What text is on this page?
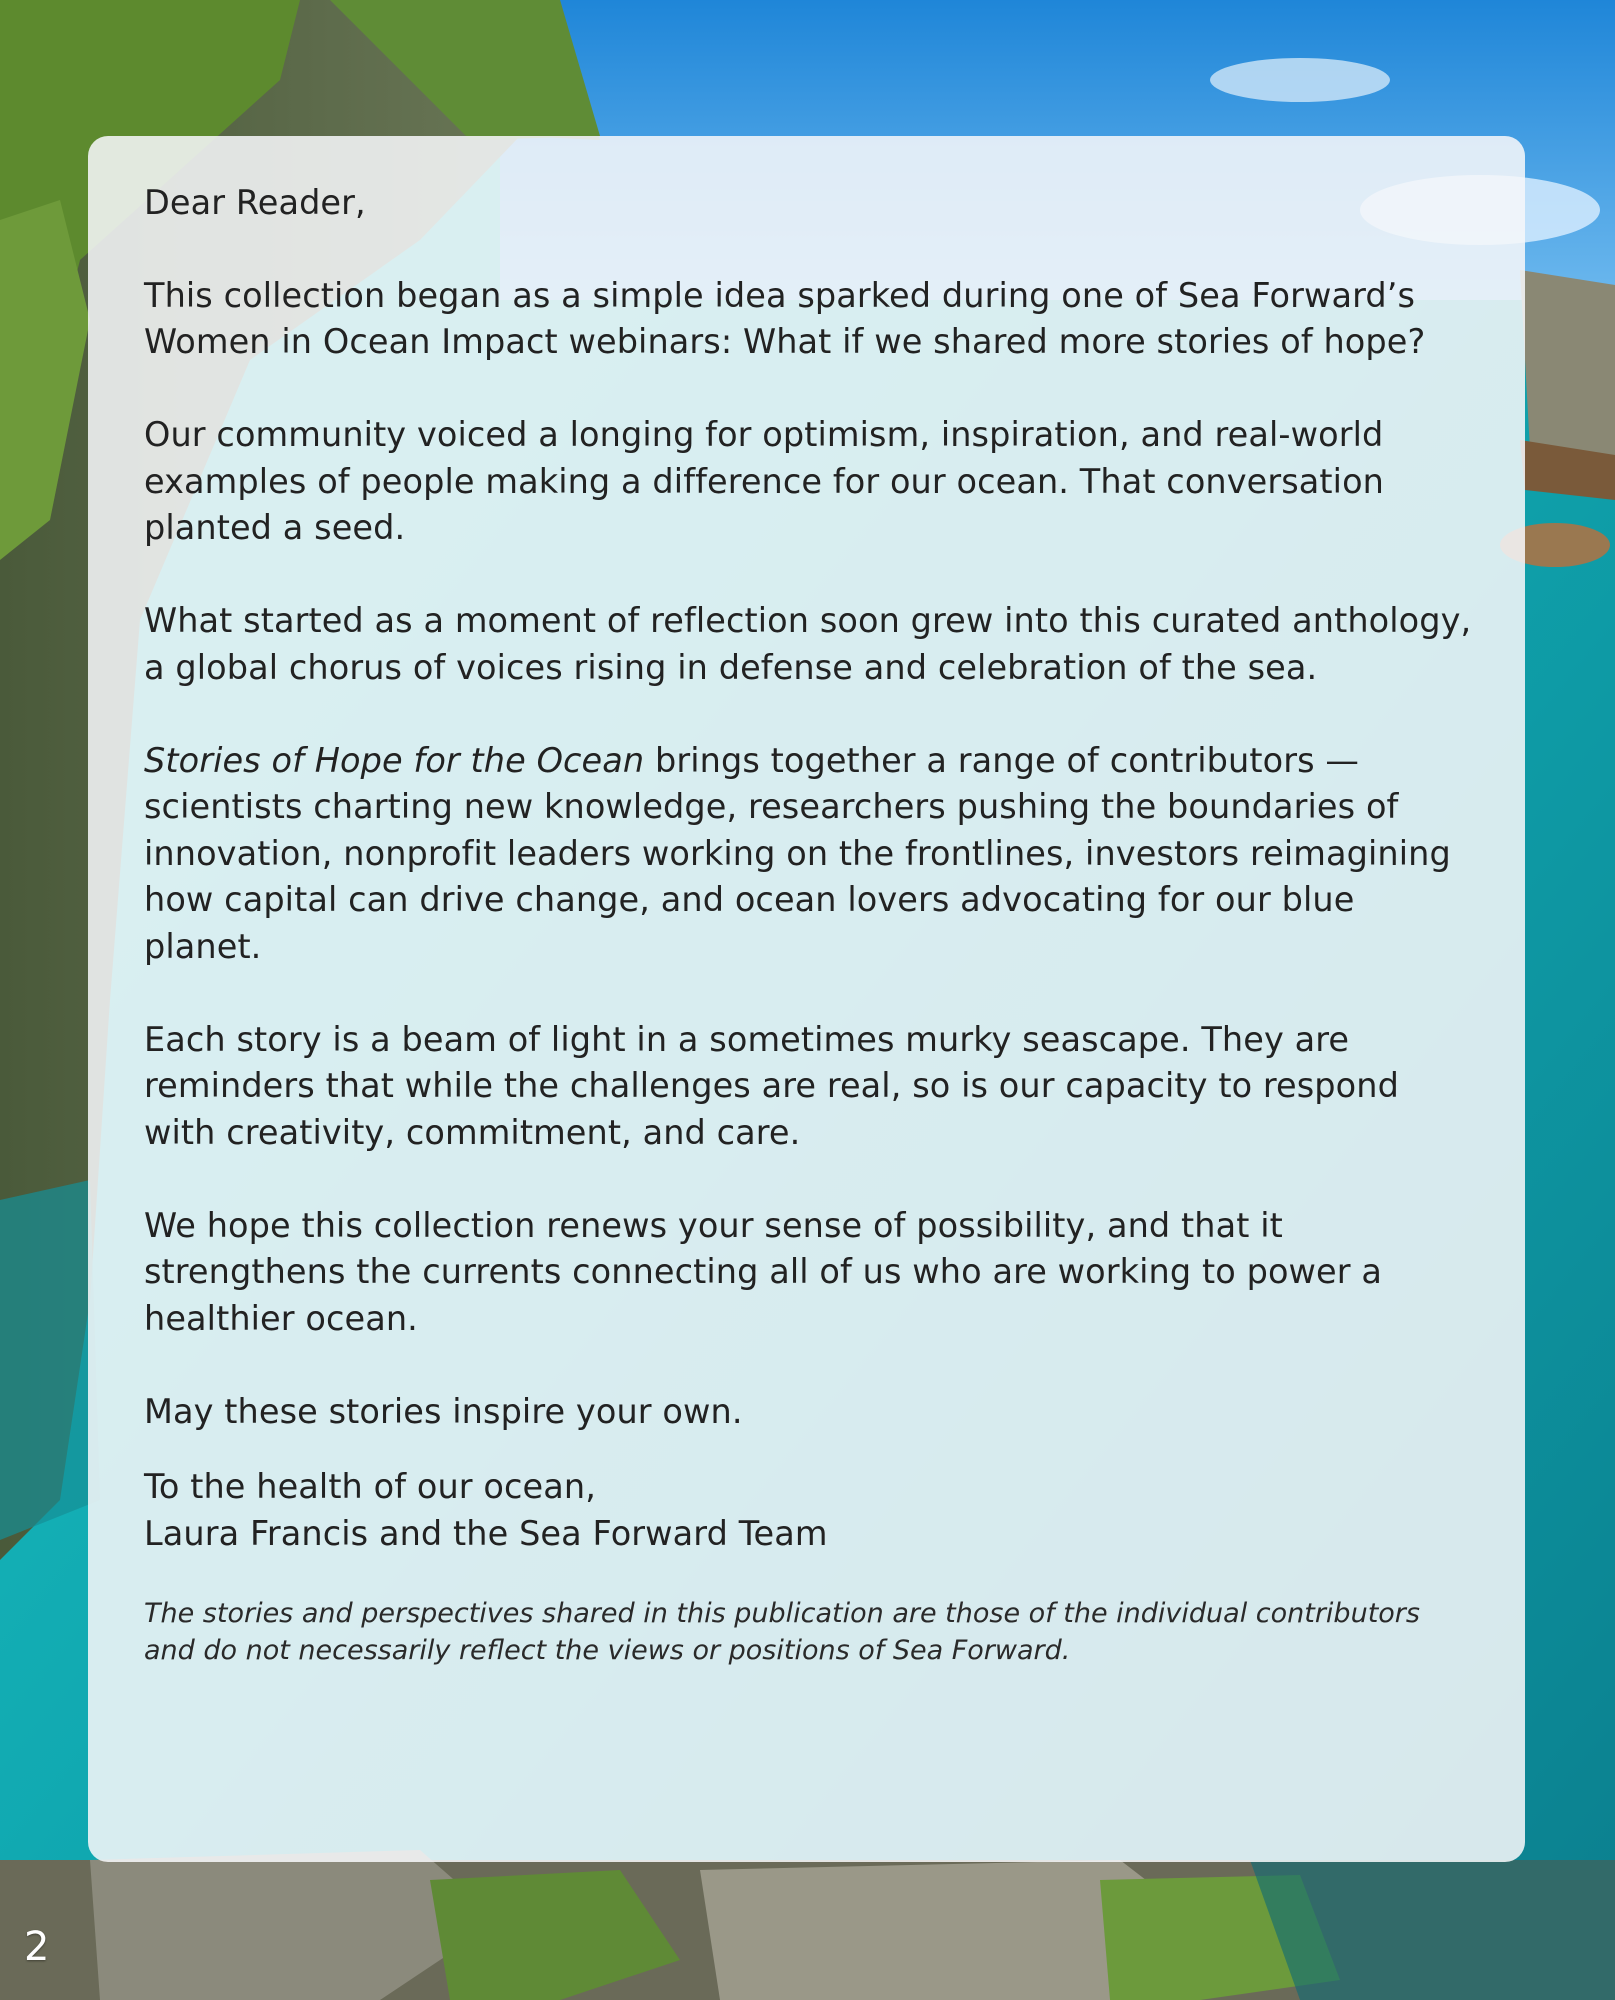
Dear Reader,

This collection began as a simple idea sparked during one of Sea Forward’s Women in Ocean Impact webinars: What if we shared more stories of hope?

Our community voiced a longing for optimism, inspiration, and real-world examples of people making a difference for our ocean. That conversation planted a seed.

What started as a moment of reflection soon grew into this curated anthology, a global chorus of voices rising in defense and celebration of the sea.

Stories of Hope for the Ocean brings together a range of contributors — scientists charting new knowledge, researchers pushing the boundaries of innovation, nonprofit leaders working on the frontlines, investors reimagining how capital can drive change, and ocean lovers advocating for our blue planet.

Each story is a beam of light in a sometimes murky seascape. They are reminders that while the challenges are real, so is our capacity to respond with creativity, commitment, and care.

We hope this collection renews your sense of possibility, and that it strengthens the currents connecting all of us who are working to power a healthier ocean.

May these stories inspire your own.

To the health of our ocean,

Laura Francis and the Sea Forward Team

The stories and perspectives shared in this publication are those of the individual contributors and do not necessarily reflect the views or positions of Sea Forward.

2
